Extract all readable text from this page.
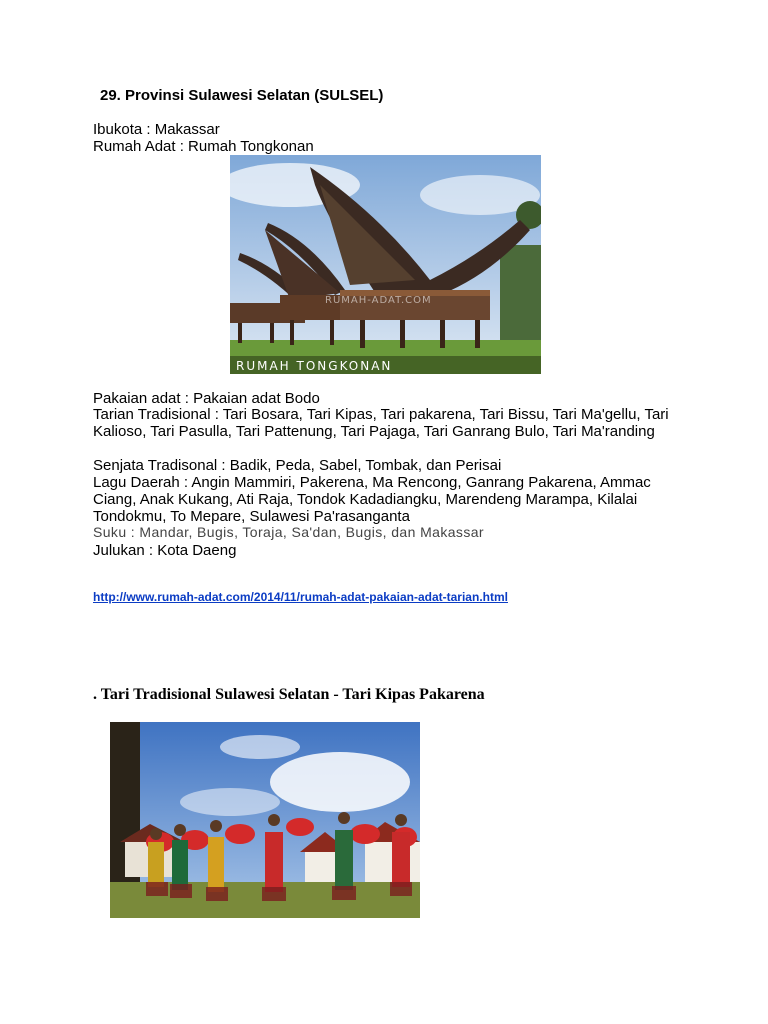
29. Provinsi Sulawesi Selatan (SULSEL)
Ibukota : Makassar
Rumah Adat : Rumah Tongkonan
RUMAH TONGKONAN
RUMAH-ADAT.COM
Pakaian adat : Pakaian adat Bodo
Tarian Tradisional : Tari Bosara, Tari Kipas, Tari pakarena, Tari Bissu, Tari Ma'gellu, Tari Kalioso, Tari Pasulla, Tari Pattenung, Tari Pajaga, Tari Ganrang Bulo, Tari Ma'randing
Senjata Tradisonal : Badik, Peda, Sabel, Tombak, dan Perisai
Lagu Daerah : Angin Mammiri, Pakerena, Ma Rencong, Ganrang Pakarena, Ammac Ciang, Anak Kukang, Ati Raja, Tondok Kadadiangku, Marendeng Marampa, Kilalai Tondokmu, To Mepare, Sulawesi Pa'rasanganta
Suku : Mandar, Bugis, Toraja, Sa'dan, Bugis, dan Makassar
Julukan : Kota Daeng
http://www.rumah-adat.com/2014/11/rumah-adat-pakaian-adat-tarian.html
. Tari Tradisional Sulawesi Selatan - Tari Kipas Pakarena
